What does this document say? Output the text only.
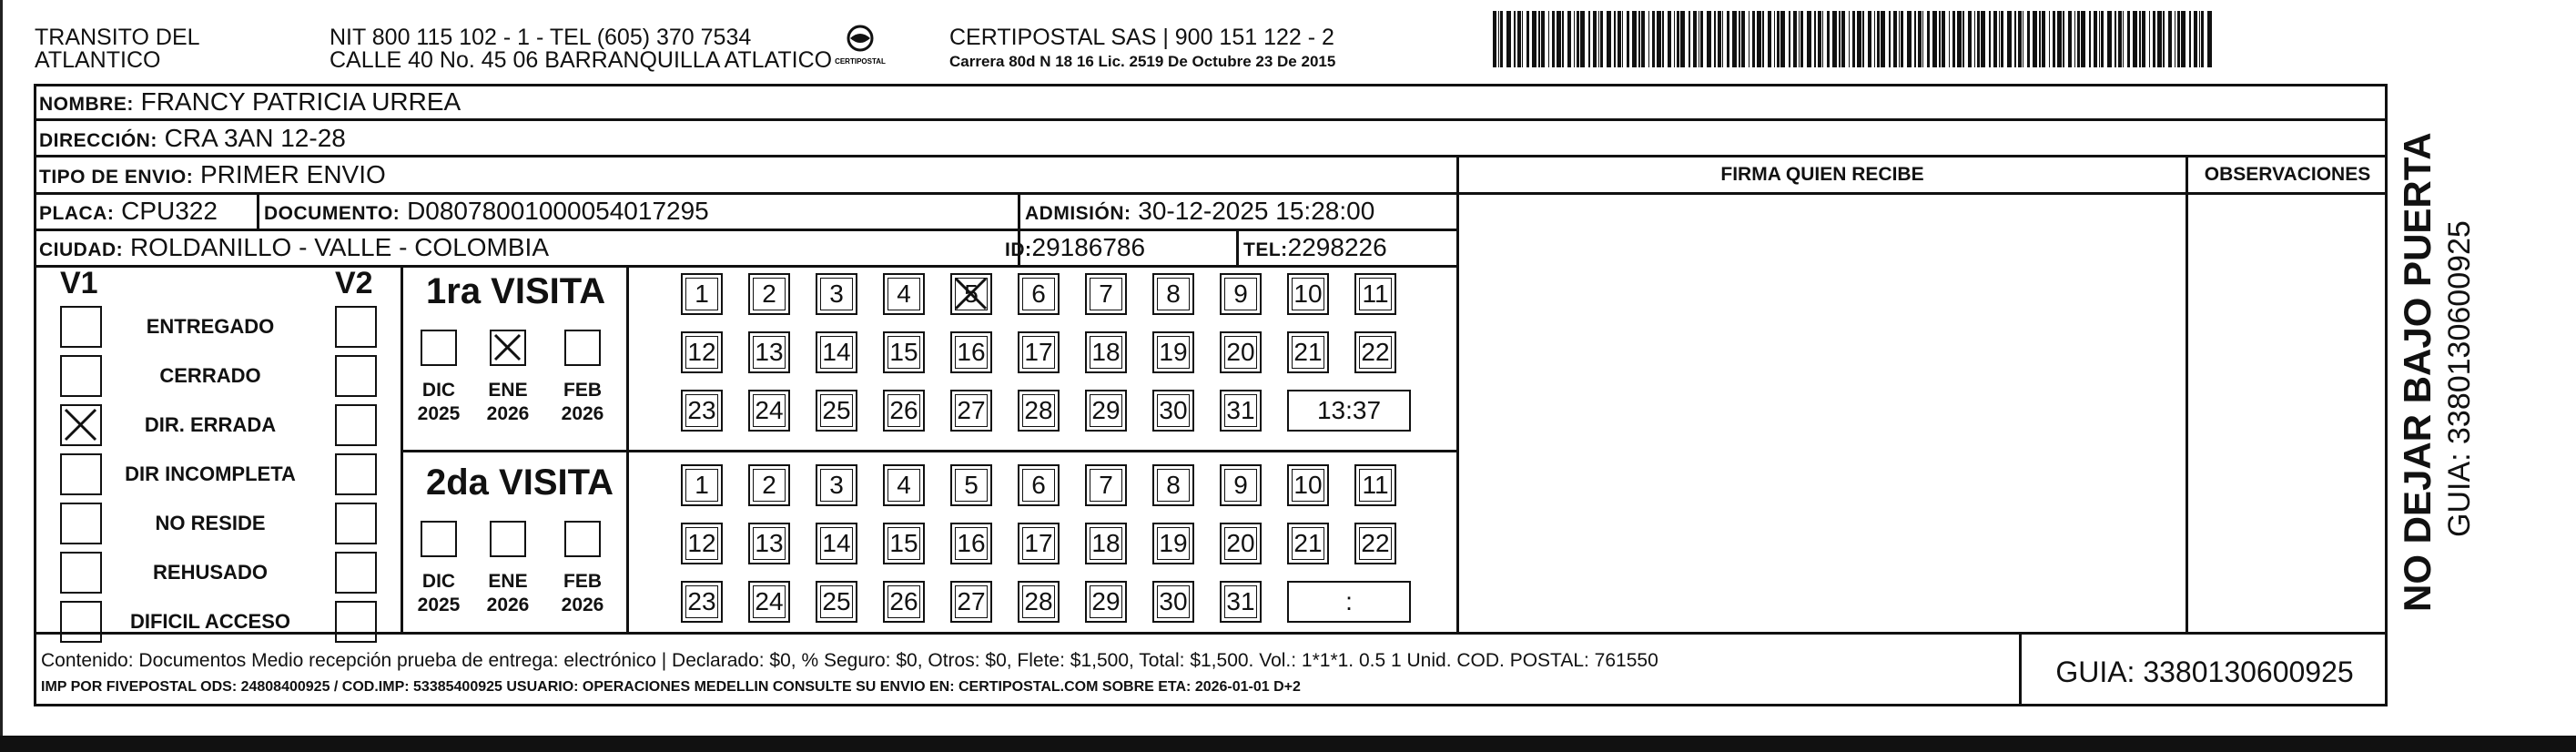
TRANSITO DEL
ATLANTICO
NIT 800 115 102 - 1 - TEL (605) 370 7534
CALLE 40 No. 45 06 BARRANQUILLA ATLATICO CERTIPOSTAL
CERTIPOSTAL SAS | 900 151 122 - 2
Carrera 80d N 18 16 Lic. 2519 De Octubre 23 De 2015
NOMBRE: FRANCY PATRICIA URREA
DIRECCIÓN: CRA 3AN 12-28
TIPO DE ENVIO: PRIMER ENVIO	FIRMA QUIEN RECIBE	OBSERVACIONES
PLACA: CPU322 DOCUMENTO: D08078001000054017295	ADMISIÓN: 30-12-2025 15:28:00
CIUDAD: ROLDANILLO - VALLE - COLOMBIA	ID:29186786	TEL:2298226
V1	V2
ENTREGADO
CERRADO
DIR. ERRADA
DIR INCOMPLETA
NO RESIDE
REHUSADO
DIFICIL ACCESO
1ra VISITA
DIC
2025
ENE
2026
FEB
2026
1	2	3	4	5	6	7	8	9	10	11
12 13 14 15 16 17 18 19 20 21 22
23 24 25 26 27 28 29 30 31	13:37
2da VISITA
DIC
2025
ENE
2026
FEB
2026
1	2	3	4	5	6	7	8	9	10	11
12 13 14 15 16 17 18 19 20 21 22
23 24 25 26 27 28 29 30 31	:
Contenido: Documentos Medio recepción prueba de entrega: electrónico | Declarado: $0, % Seguro: $0, Otros: $0, Flete: $1,500, Total: $1,500. Vol.: 1*1*1. 0.5 1 Unid. COD. POSTAL: 761550
IMP POR FIVEPOSTAL ODS: 24808400925 / COD.IMP: 53385400925 USUARIO: OPERACIONES MEDELLIN CONSULTE SU ENVIO EN: CERTIPOSTAL.COM SOBRE ETA: 2026-01-01 D+2	GUIA: 3380130600925
NO DEJAR BAJO PUERTA GUIA: 3380130600925
